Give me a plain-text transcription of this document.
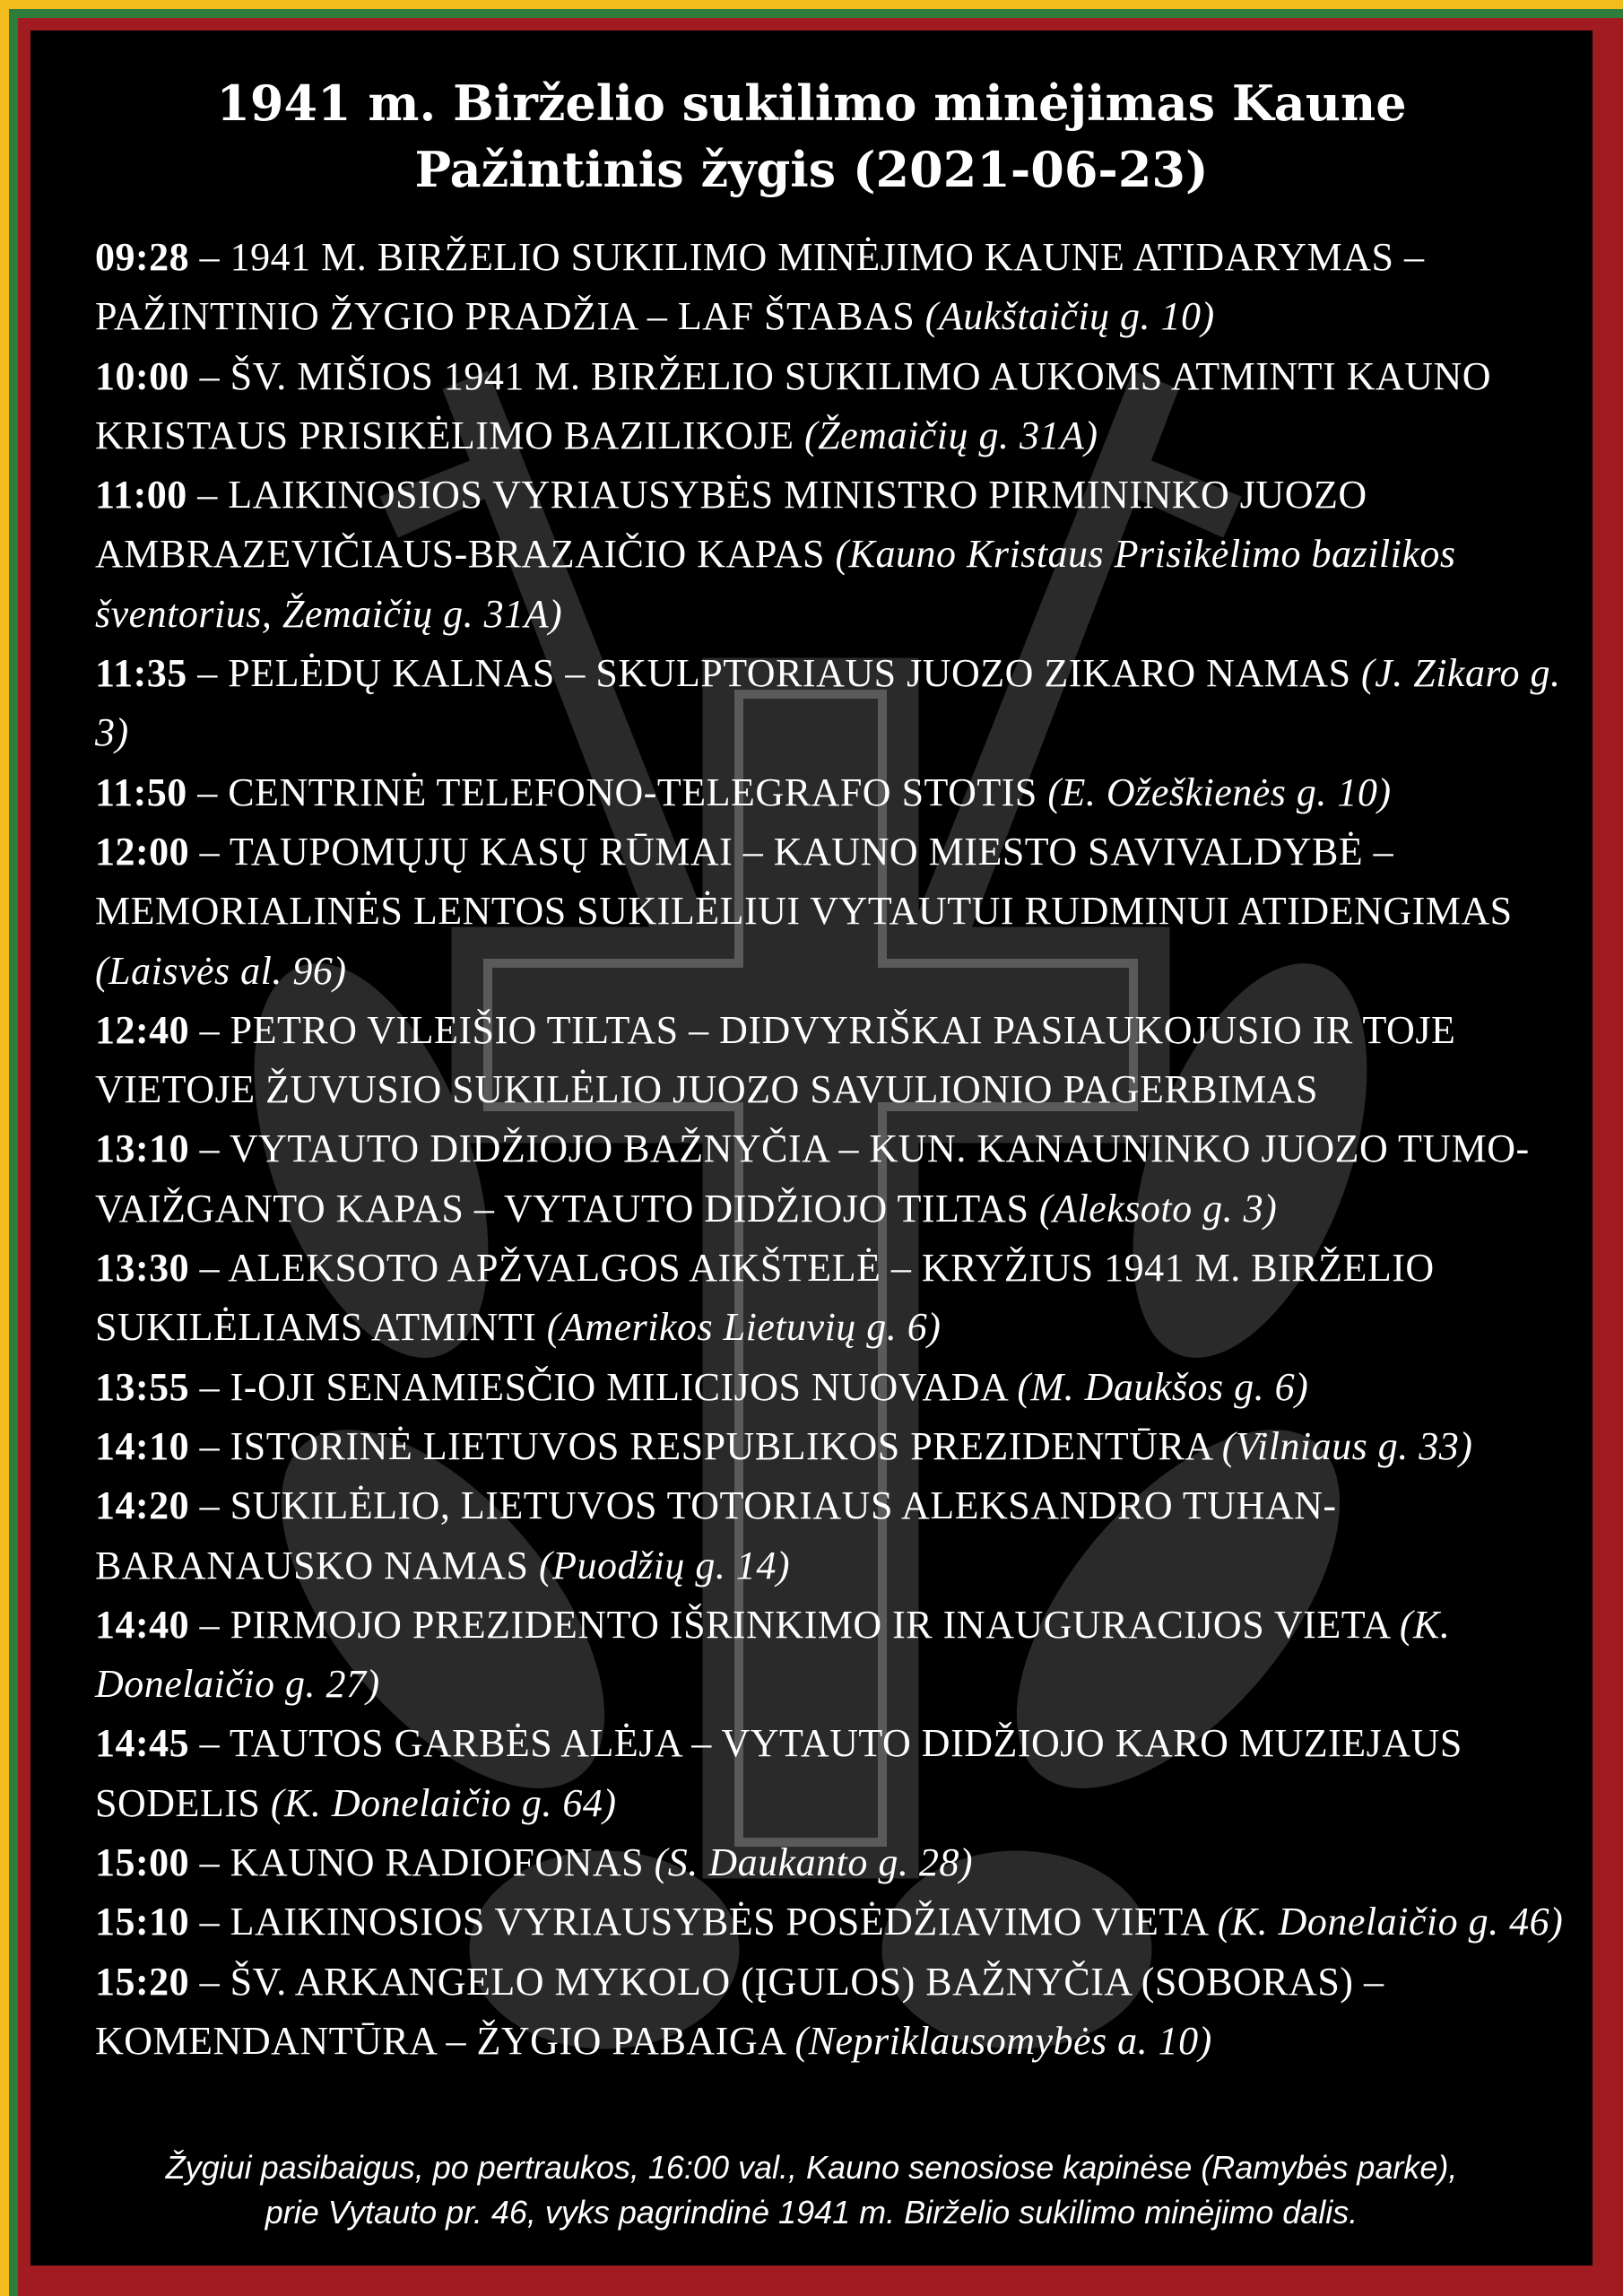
1941 m. Birželio sukilimo minėjimas Kaune
Pažintinis žygis (2021-06-23)

09:28 – 1941 M. BIRŽELIO SUKILIMO MINĖJIMO KAUNE ATIDARYMAS – PAŽINTINIO ŽYGIO PRADŽIA – LAF ŠTABAS (Aukštaičių g. 10)

10:00 – ŠV. MIŠIOS 1941 M. BIRŽELIO SUKILIMO AUKOMS ATMINTI KAUNO KRISTAUS PRISIKĖLIMO BAZILIKOJE (Žemaičių g. 31A)

11:00 – LAIKINOSIOS VYRIAUSYBĖS MINISTRO PIRMININKO JUOZO AMBRAZEVIČIAUS-BRAZAIČIO KAPAS (Kauno Kristaus Prisikėlimo bazilikos šventorius, Žemaičių g. 31A)

11:35 – PELĖDŲ KALNAS – SKULPTORIAUS JUOZO ZIKARO NAMAS (J. Zikaro g. 3)

11:50 – CENTRINĖ TELEFONO-TELEGRAFO STOTIS (E. Ožeškienės g. 10)

12:00 – TAUPOMŲJŲ KASŲ RŪMAI – KAUNO MIESTO SAVIVALDYBĖ – MEMORIALINĖS LENTOS SUKILĖLIUI VYTAUTUI RUDMINUI ATIDENGIMAS (Laisvės al. 96)

12:40 – PETRO VILEIŠIO TILTAS – DIDVYRIŠKAI PASIAUKOJUSIO IR TOJE VIETOJE ŽUVUSIO SUKILĖLIO JUOZO SAVULIONIO PAGERBIMAS

13:10 – VYTAUTO DIDŽIOJO BAŽNYČIA – KUN. KANAUNINKO JUOZO TUMO-VAIŽGANTO KAPAS – VYTAUTO DIDŽIOJO TILTAS (Aleksoto g. 3)

13:30 – ALEKSOTO APŽVALGOS AIKŠTELĖ – KRYŽIUS 1941 M. BIRŽELIO SUKILĖLIAMS ATMINTI (Amerikos Lietuvių g. 6)

13:55 – I-OJI SENAMIESČIO MILICIJOS NUOVADA (M. Daukšos g. 6)

14:10 – ISTORINĖ LIETUVOS RESPUBLIKOS PREZIDENTŪRA (Vilniaus g. 33)

14:20 – SUKILĖLIO, LIETUVOS TOTORIAUS ALEKSANDRO TUHAN-BARANAUSKO NAMAS (Puodžių g. 14)

14:40 – PIRMOJO PREZIDENTO IŠRINKIMO IR INAUGURACIJOS VIETA (K. Donelaičio g. 27)

14:45 – TAUTOS GARBĖS ALĖJA – VYTAUTO DIDŽIOJO KARO MUZIEJAUS SODELIS (K. Donelaičio g. 64)

15:00 – KAUNO RADIOFONAS (S. Daukanto g. 28)

15:10 – LAIKINOSIOS VYRIAUSYBĖS POSĖDŽIAVIMO VIETA (K. Donelaičio g. 46)

15:20 – ŠV. ARKANGELO MYKOLO (ĮGULOS) BAŽNYČIA (SOBORAS) – KOMENDANTŪRA – ŽYGIO PABAIGA (Nepriklausomybės a. 10)

Žygiui pasibaigus, po pertraukos, 16:00 val., Kauno senosiose kapinėse (Ramybės parke),
prie Vytauto pr. 46, vyks pagrindinė 1941 m. Birželio sukilimo minėjimo dalis.
